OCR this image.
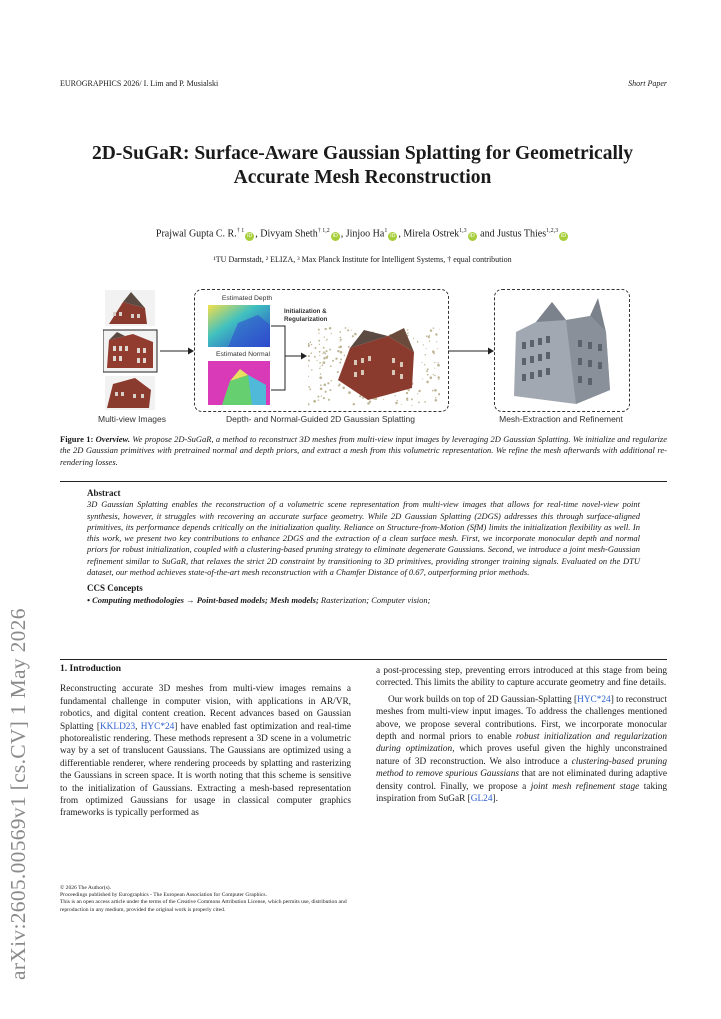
EUROGRAPHICS 2026/ I. Lim and P. Musialski	Short Paper
arXiv:2605.00569v1 [cs.CV] 1 May 2026
2D-SuGaR: Surface-Aware Gaussian Splatting for Geometrically
Accurate Mesh Reconstruction
Prajwal Gupta C. R.$^{\dagger 1}$iD , Divyam Sheth$^{\dagger 1,2}$iD , Jinjoo Ha$^1$iD , Mirela Ostrek$^{1,3}$iD and Justus Thies$^{1,2,3}$iD
¹TU Darmstadt, ² ELIZA, ³ Max Planck Institute for Intelligent Systems, † equal contribution
Estimated Depth
Estimated Normal
Initialization &
Regularization
Multi-view Images	Depth- and Normal-Guided 2D Gaussian Splatting	Mesh-Extraction and Refinement
Figure 1: Overview. We propose 2D-SuGaR, a method to reconstruct 3D meshes from multi-view input images by leveraging 2D Gaussian Splatting. We initialize and regularize the 2D Gaussian primitives with pretrained normal and depth priors, and extract a mesh from this volumetric representation. We refine the mesh afterwards with additional re-rendering losses.
Abstract
3D Gaussian Splatting enables the reconstruction of a volumetric scene representation from multi-view images that allows for real-time novel-view point synthesis, however, it struggles with recovering an accurate surface geometry. While 2D Gaussian Splatting (2DGS) addresses this through surface-aligned primitives, its performance depends critically on the initialization quality. Reliance on Structure-from-Motion (SfM) limits the initialization flexibility as well. In this work, we present two key contributions to enhance 2DGS and the extraction of a clean surface mesh. First, we incorporate monocular depth and normal priors for robust initialization, coupled with a clustering-based pruning strategy to eliminate degenerate Gaussians. Second, we introduce a joint mesh-Gaussian refinement similar to SuGaR, that relaxes the strict 2D constraint by transitioning to 3D primitives, providing stronger training signals. Evaluated on the DTU dataset, our method achieves state-of-the-art mesh reconstruction with a Chamfer Distance of 0.67, outperforming prior methods.
CCS Concepts
• Computing methodologies → Point-based models; Mesh models; Rasterization; Computer vision;
1. Introduction

Reconstructing accurate 3D meshes from multi-view images remains a fundamental challenge in computer vision, with applications in AR/VR, robotics, and digital content creation. Recent advances based on Gaussian Splatting [KKLD23, HYC*24] have enabled fast optimization and real-time photorealistic rendering. These methods represent a 3D scene in a volumetric way by a set of translucent Gaussians. The Gaussians are optimized using a differentiable renderer, where rendering proceeds by splatting and rasterizing the Gaussians in screen space. It is worth noting that this scheme is sensitive to the initialization of Gaussians. Extracting a mesh-based representation from optimized Gaussians for usage in classical computer graphics frameworks is typically performed as

a post-processing step, preventing errors introduced at this stage from being corrected. This limits the ability to capture accurate geometry and fine details.

Our work builds on top of 2D Gaussian-Splatting [HYC*24] to reconstruct meshes from multi-view input images. To address the challenges mentioned above, we propose several contributions. First, we incorporate monocular depth and normal priors to enable robust initialization and regularization during optimization, which proves useful given the highly unconstrained nature of 3D reconstruction. We also introduce a clustering-based pruning method to remove spurious Gaussians that are not eliminated during adaptive density control. Finally, we propose a joint mesh refinement stage taking inspiration from SuGaR [GL24].

© 2026 The Author(s).
Proceedings published by Eurographics - The European Association for Computer Graphics.
This is an open access article under the terms of the Creative Commons Attribution License, which permits use, distribution and reproduction in any medium, provided the original work is properly cited.
